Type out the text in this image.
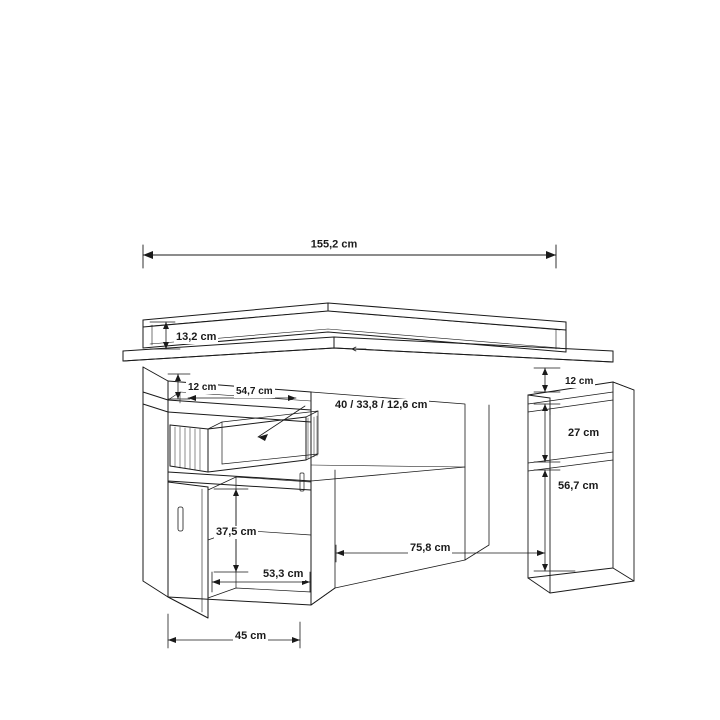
155,2 cm
13,2 cm
12 cm 54,7 cm
40 / 33,8 / 12,6 cm
12 cm
27 cm
56,7 cm
37,5 cm
53,3 cm
75,8 cm
45 cm
